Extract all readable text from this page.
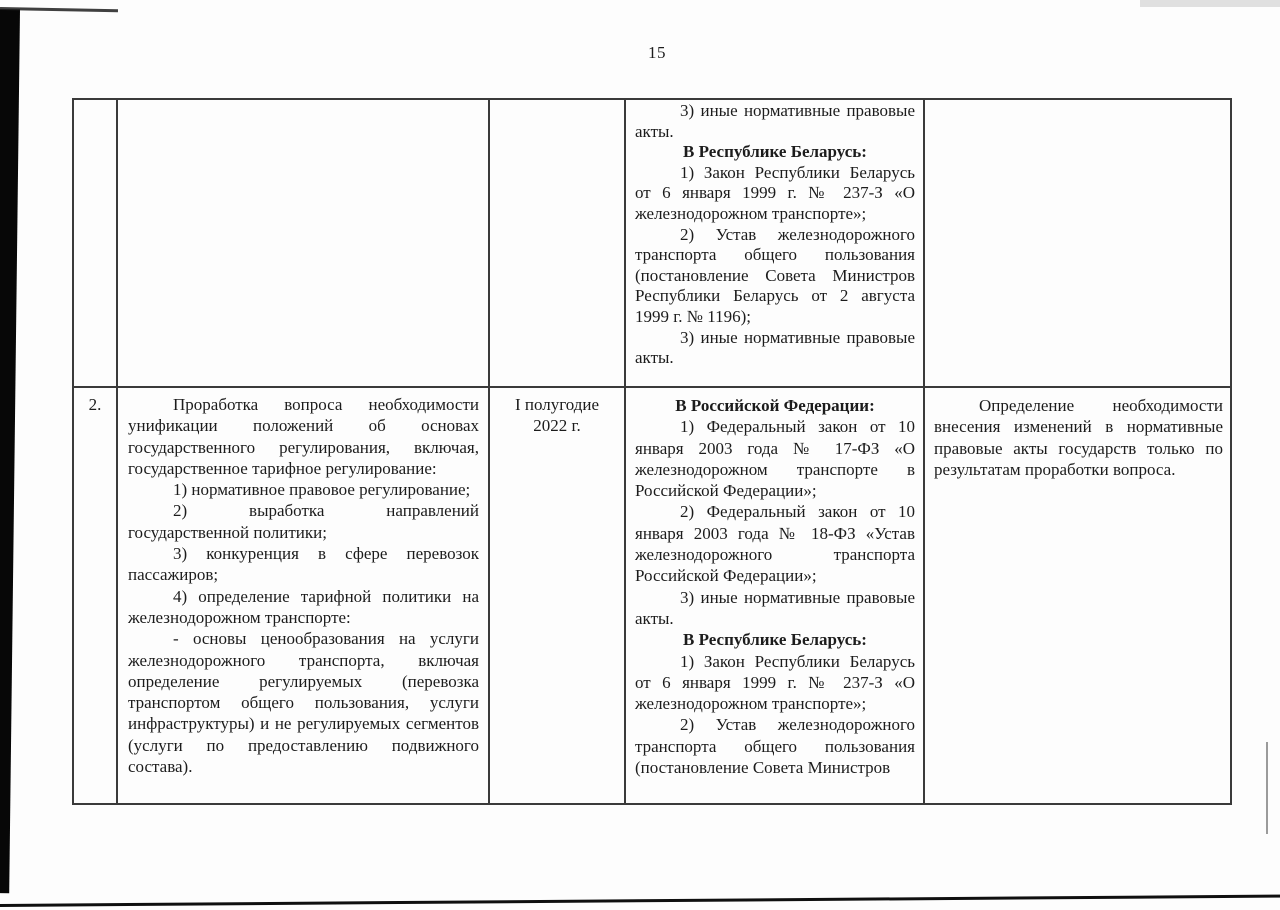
15

3) иные нормативные правовые акты.

В Республике Беларусь:

1) Закон Республики Беларусь от 6 января 1999 г. № 237-З «О железнодорожном транспорте»;

2) Устав железнодорожного транспорта общего пользования (постановление Совета Министров Республики Беларусь от 2 августа 1999 г. № 1196);

3) иные нормативные правовые акты.

2.	Проработка вопроса необходимости унификации положений об основах государственного регулирования, включая, государственное тарифное регулирование:

1) нормативное правовое регулирование;

2) выработка направлений государственной политики;

3) конкуренция в сфере перевозок пассажиров;

4) определение тарифной политики на железнодорожном транспорте:

- основы ценообразования на услуги железнодорожного транспорта, включая определение регулируемых (перевозка транспортом общего пользования, услуги инфраструктуры) и не регулируемых сегментов (услуги по предоставлению подвижного состава).

I полугодие

2022 г.

В Российской Федерации:

1) Федеральный закон от 10 января 2003 года № 17-ФЗ «О железнодорожном транспорте в Российской Федерации»;

2) Федеральный закон от 10 января 2003 года № 18-ФЗ «Устав железнодорожного транспорта Российской Федерации»;

3) иные нормативные правовые акты.

В Республике Беларусь:

1) Закон Республики Беларусь от 6 января 1999 г. № 237-З «О железнодорожном транспорте»;

2) Устав железнодорожного транспорта общего пользования (постановление Совета Министров

Определение необходимости внесения изменений в нормативные правовые акты государств только по результатам проработки вопроса.
